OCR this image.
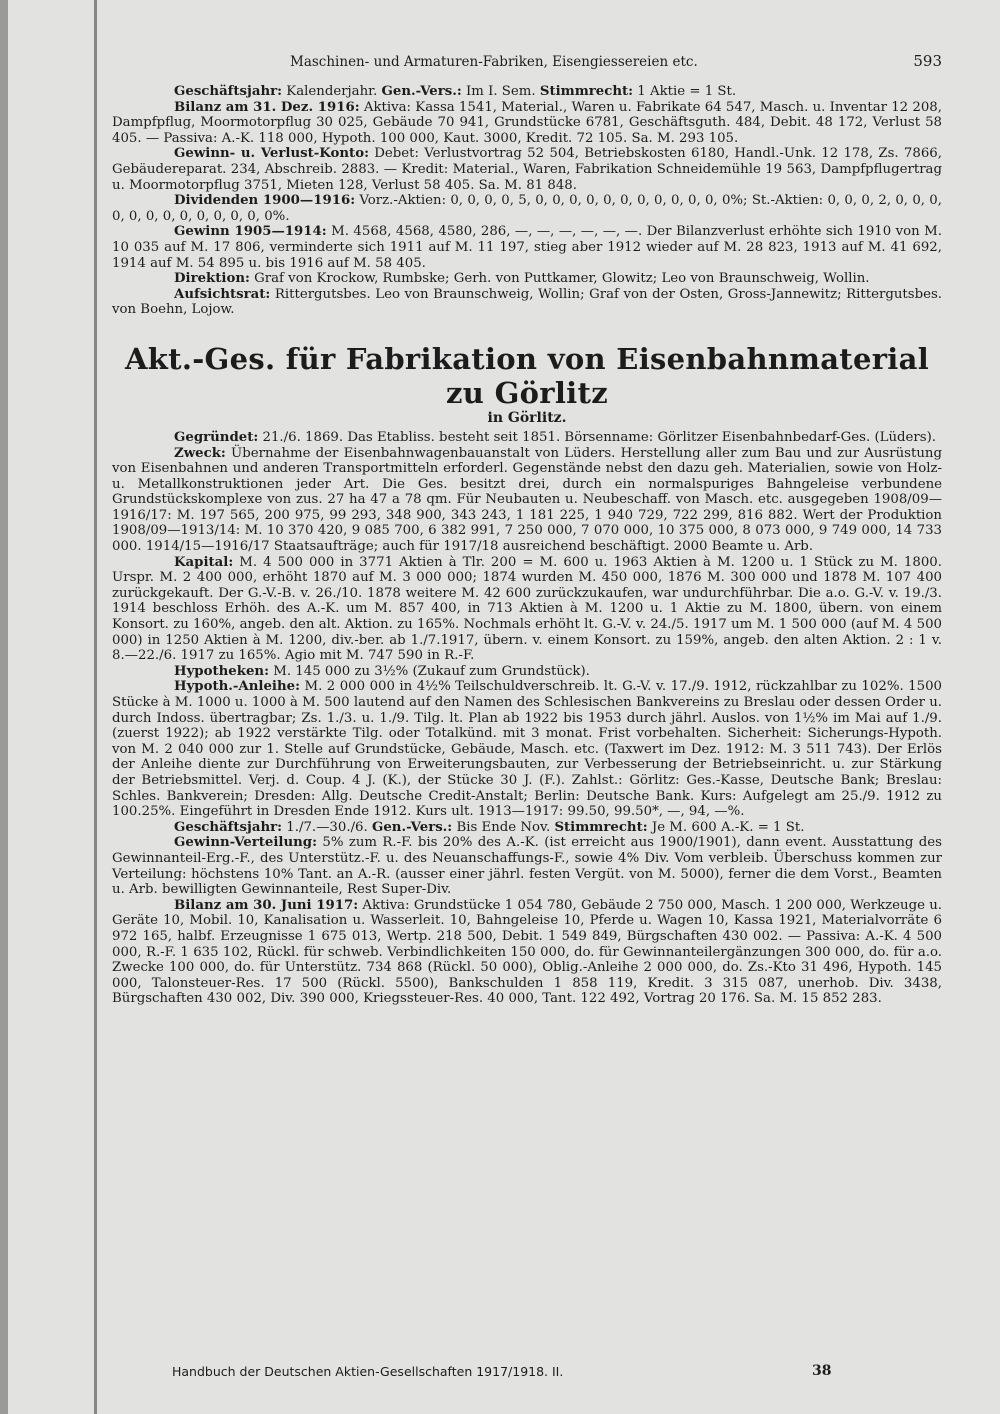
Maschinen- und Armaturen-Fabriken, Eisengiessereien etc.	593

Geschäftsjahr: Kalenderjahr. Gen.-Vers.: Im I. Sem. Stimmrecht: 1 Aktie = 1 St.

Bilanz am 31. Dez. 1916: Aktiva: Kassa 1541, Material., Waren u. Fabrikate 64 547, Masch. u. Inventar 12 208, Dampfpflug, Moormotorpflug 30 025, Gebäude 70 941, Grundstücke 6781, Geschäftsguth. 484, Debit. 48 172, Verlust 58 405. — Passiva: A.-K. 118 000, Hypoth. 100 000, Kaut. 3000, Kredit. 72 105. Sa. M. 293 105.

Gewinn- u. Verlust-Konto: Debet: Verlustvortrag 52 504, Betriebskosten 6180, Handl.-Unk. 12 178, Zs. 7866, Gebäudereparat. 234, Abschreib. 2883. — Kredit: Material., Waren, Fabrikation Schneidemühle 19 563, Dampfpflugertrag u. Moormotorpflug 3751, Mieten 128, Verlust 58 405. Sa. M. 81 848.

Dividenden 1900—1916: Vorz.-Aktien: 0, 0, 0, 0, 5, 0, 0, 0, 0, 0, 0, 0, 0, 0, 0, 0, 0%; St.-Aktien: 0, 0, 0, 2, 0, 0, 0, 0, 0, 0, 0, 0, 0, 0, 0, 0, 0%.

Gewinn 1905—1914: M. 4568, 4568, 4580, 286, —, —, —, —, —, —. Der Bilanzverlust erhöhte sich 1910 von M. 10 035 auf M. 17 806, verminderte sich 1911 auf M. 11 197, stieg aber 1912 wieder auf M. 28 823, 1913 auf M. 41 692, 1914 auf M. 54 895 u. bis 1916 auf M. 58 405.

Direktion: Graf von Krockow, Rumbske; Gerh. von Puttkamer, Glowitz; Leo von Braunschweig, Wollin.

Aufsichtsrat: Rittergutsbes. Leo von Braunschweig, Wollin; Graf von der Osten, Gross-Jannewitz; Rittergutsbes. von Boehn, Lojow.

Akt.-Ges. für Fabrikation von Eisenbahnmaterial zu Görlitz
in Görlitz.

Gegründet: 21./6. 1869. Das Etabliss. besteht seit 1851. Börsenname: Görlitzer Eisenbahnbedarf-Ges. (Lüders).

Zweck: Übernahme der Eisenbahnwagenbauanstalt von Lüders. Herstellung aller zum Bau und zur Ausrüstung von Eisenbahnen und anderen Transportmitteln erforderl. Gegenstände nebst den dazu geh. Materialien, sowie von Holz- u. Metallkonstruktionen jeder Art. Die Ges. besitzt drei, durch ein normalspuriges Bahngeleise verbundene Grundstückskomplexe von zus. 27 ha 47 a 78 qm. Für Neubauten u. Neubeschaff. von Masch. etc. ausgegeben 1908/09—1916/17: M. 197 565, 200 975, 99 293, 348 900, 343 243, 1 181 225, 1 940 729, 722 299, 816 882. Wert der Produktion 1908/09—1913/14: M. 10 370 420, 9 085 700, 6 382 991, 7 250 000, 7 070 000, 10 375 000, 8 073 000, 9 749 000, 14 733 000. 1914/15—1916/17 Staatsaufträge; auch für 1917/18 ausreichend beschäftigt. 2000 Beamte u. Arb.

Kapital: M. 4 500 000 in 3771 Aktien à Tlr. 200 = M. 600 u. 1963 Aktien à M. 1200 u. 1 Stück zu M. 1800. Urspr. M. 2 400 000, erhöht 1870 auf M. 3 000 000; 1874 wurden M. 450 000, 1876 M. 300 000 und 1878 M. 107 400 zurückgekauft. Der G.-V.-B. v. 26./10. 1878 weitere M. 42 600 zurückzukaufen, war undurchführbar. Die a.o. G.-V. v. 19./3. 1914 beschloss Erhöh. des A.-K. um M. 857 400, in 713 Aktien à M. 1200 u. 1 Aktie zu M. 1800, übern. von einem Konsort. zu 160%, angeb. den alt. Aktion. zu 165%. Nochmals erhöht lt. G.-V. v. 24./5. 1917 um M. 1 500 000 (auf M. 4 500 000) in 1250 Aktien à M. 1200, div.-ber. ab 1./7.1917, übern. v. einem Konsort. zu 159%, angeb. den alten Aktion. 2 : 1 v. 8.—22./6. 1917 zu 165%. Agio mit M. 747 590 in R.-F.

Hypotheken: M. 145 000 zu 3½% (Zukauf zum Grundstück).

Hypoth.-Anleihe: M. 2 000 000 in 4½% Teilschuldverschreib. lt. G.-V. v. 17./9. 1912, rückzahlbar zu 102%. 1500 Stücke à M. 1000 u. 1000 à M. 500 lautend auf den Namen des Schlesischen Bankvereins zu Breslau oder dessen Order u. durch Indoss. übertragbar; Zs. 1./3. u. 1./9. Tilg. lt. Plan ab 1922 bis 1953 durch jährl. Auslos. von 1½% im Mai auf 1./9. (zuerst 1922); ab 1922 verstärkte Tilg. oder Totalkünd. mit 3 monat. Frist vorbehalten. Sicherheit: Sicherungs-Hypoth. von M. 2 040 000 zur 1. Stelle auf Grundstücke, Gebäude, Masch. etc. (Taxwert im Dez. 1912: M. 3 511 743). Der Erlös der Anleihe diente zur Durchführung von Erweiterungsbauten, zur Verbesserung der Betriebseinricht. u. zur Stärkung der Betriebsmittel. Verj. d. Coup. 4 J. (K.), der Stücke 30 J. (F.). Zahlst.: Görlitz: Ges.-Kasse, Deutsche Bank; Breslau: Schles. Bankverein; Dresden: Allg. Deutsche Credit-Anstalt; Berlin: Deutsche Bank. Kurs: Aufgelegt am 25./9. 1912 zu 100.25%. Eingeführt in Dresden Ende 1912. Kurs ult. 1913—1917: 99.50, 99.50*, —, 94, —%.

Geschäftsjahr: 1./7.—30./6. Gen.-Vers.: Bis Ende Nov. Stimmrecht: Je M. 600 A.-K. = 1 St.

Gewinn-Verteilung: 5% zum R.-F. bis 20% des A.-K. (ist erreicht aus 1900/1901), dann event. Ausstattung des Gewinnanteil-Erg.-F., des Unterstütz.-F. u. des Neuanschaffungs-F., sowie 4% Div. Vom verbleib. Überschuss kommen zur Verteilung: höchstens 10% Tant. an A.-R. (ausser einer jährl. festen Vergüt. von M. 5000), ferner die dem Vorst., Beamten u. Arb. bewilligten Gewinnanteile, Rest Super-Div.

Bilanz am 30. Juni 1917: Aktiva: Grundstücke 1 054 780, Gebäude 2 750 000, Masch. 1 200 000, Werkzeuge u. Geräte 10, Mobil. 10, Kanalisation u. Wasserleit. 10, Bahngeleise 10, Pferde u. Wagen 10, Kassa 1921, Materialvorräte 6 972 165, halbf. Erzeugnisse 1 675 013, Wertp. 218 500, Debit. 1 549 849, Bürgschaften 430 002. — Passiva: A.-K. 4 500 000, R.-F. 1 635 102, Rückl. für schweb. Verbindlichkeiten 150 000, do. für Gewinnanteilergänzungen 300 000, do. für a.o. Zwecke 100 000, do. für Unterstütz. 734 868 (Rückl. 50 000), Oblig.-Anleihe 2 000 000, do. Zs.-Kto 31 496, Hypoth. 145 000, Talonsteuer-Res. 17 500 (Rückl. 5500), Bankschulden 1 858 119, Kredit. 3 315 087, unerhob. Div. 3438, Bürgschaften 430 002, Div. 390 000, Kriegssteuer-Res. 40 000, Tant. 122 492, Vortrag 20 176. Sa. M. 15 852 283.

Handbuch der Deutschen Aktien-Gesellschaften 1917/1918. II.	38
